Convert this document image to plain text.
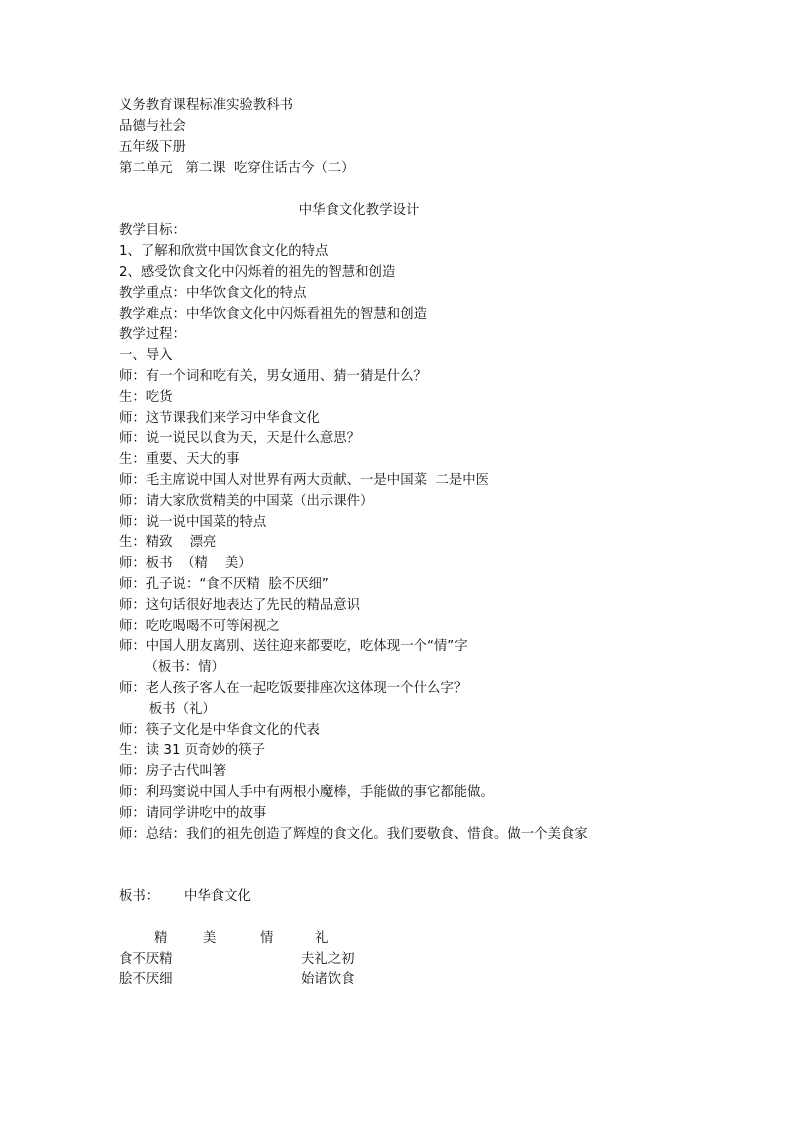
义务教育课程标准实验教科书
品德与社会
五年级下册
第二单元   第二课  吃穿住话古今（二）
中华食文化教学设计
教学目标：
1、了解和欣赏中国饮食文化的特点
2、感受饮食文化中闪烁着的祖先的智慧和创造
教学重点：中华饮食文化的特点
教学难点：中华饮食文化中闪烁看祖先的智慧和创造
教学过程：
一、导入
师：有一个词和吃有关，男女通用、猜一猜是什么？
生：吃货
师：这节课我们来学习中华食文化
师：说一说民以食为天，天是什么意思？
生：重要、天大的事
师：毛主席说中国人对世界有两大贡献、一是中国菜  二是中医
师：请大家欣赏精美的中国菜（出示课件）
师：说一说中国菜的特点
生：精致    漂亮
师：板书  （精    美）
师：孔子说：“食不厌精  脍不厌细”
师：这句话很好地表达了先民的精品意识
师：吃吃喝喝不可等闲视之
师：中国人朋友离别、送往迎来都要吃，吃体现一个“情”字
（板书：情）
师：老人孩子客人在一起吃饭要排座次这体现一个什么字？
板书（礼）
师：筷子文化是中华食文化的代表
生：读 31 页奇妙的筷子
师：房子古代叫箸
师：利玛窦说中国人手中有两根小魔棒，手能做的事它都能做。
师：请同学讲吃中的故事
师：总结：我们的祖先创造了辉煌的食文化。我们要敬食、惜食。做一个美食家
板书： 中华食文化
精	美	情	礼
食不厌精	夫礼之初
脍不厌细	始诸饮食
